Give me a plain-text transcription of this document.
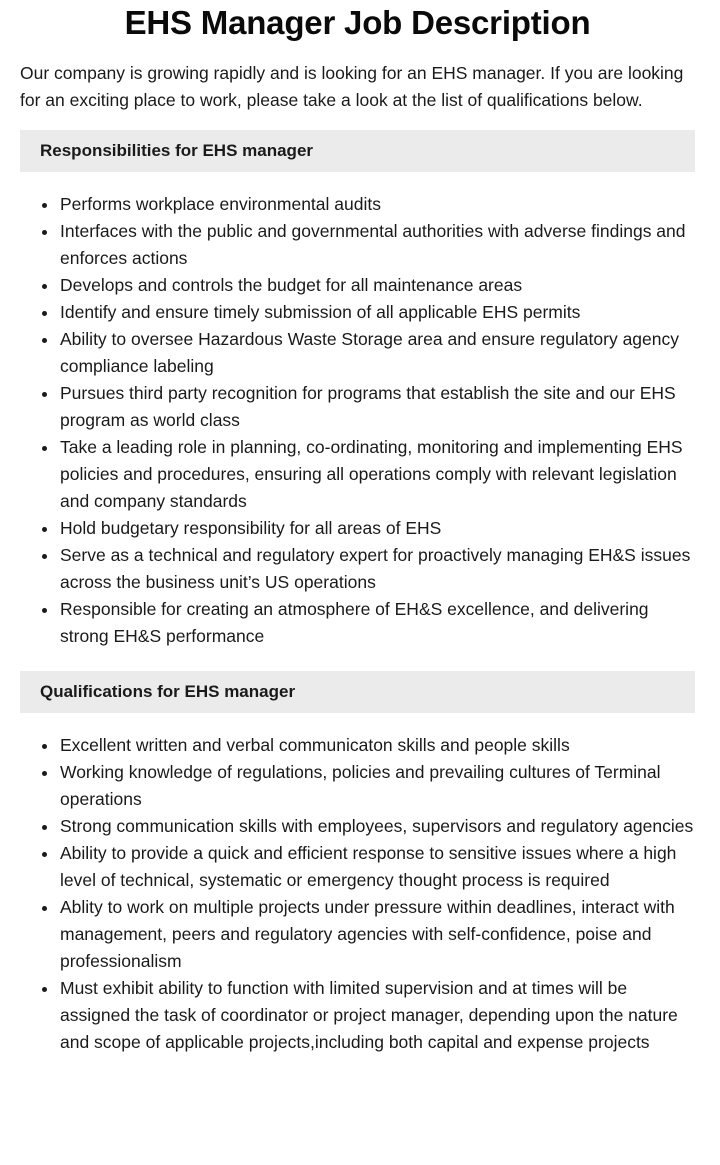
EHS Manager Job Description

Our company is growing rapidly and is looking for an EHS manager. If you are looking for an exciting place to work, please take a look at the list of qualifications below.

Responsibilities for EHS manager
Performs workplace environmental audits
Interfaces with the public and governmental authorities with adverse findings and enforces actions
Develops and controls the budget for all maintenance areas
Identify and ensure timely submission of all applicable EHS permits
Ability to oversee Hazardous Waste Storage area and ensure regulatory agency compliance labeling
Pursues third party recognition for programs that establish the site and our EHS program as world class
Take a leading role in planning, co-ordinating, monitoring and implementing EHS policies and procedures, ensuring all operations comply with relevant legislation and company standards
Hold budgetary responsibility for all areas of EHS
Serve as a technical and regulatory expert for proactively managing EH&S issues across the business unit’s US operations
Responsible for creating an atmosphere of EH&S excellence, and delivering strong EH&S performance
Qualifications for EHS manager
Excellent written and verbal communicaton skills and people skills
Working knowledge of regulations, policies and prevailing cultures of Terminal operations
Strong communication skills with employees, supervisors and regulatory agencies
Ability to provide a quick and efficient response to sensitive issues where a high level of technical, systematic or emergency thought process is required
Ablity to work on multiple projects under pressure within deadlines, interact with management, peers and regulatory agencies with self-confidence, poise and professionalism
Must exhibit ability to function with limited supervision and at times will be assigned the task of coordinator or project manager, depending upon the nature and scope of applicable projects,including both capital and expense projects
